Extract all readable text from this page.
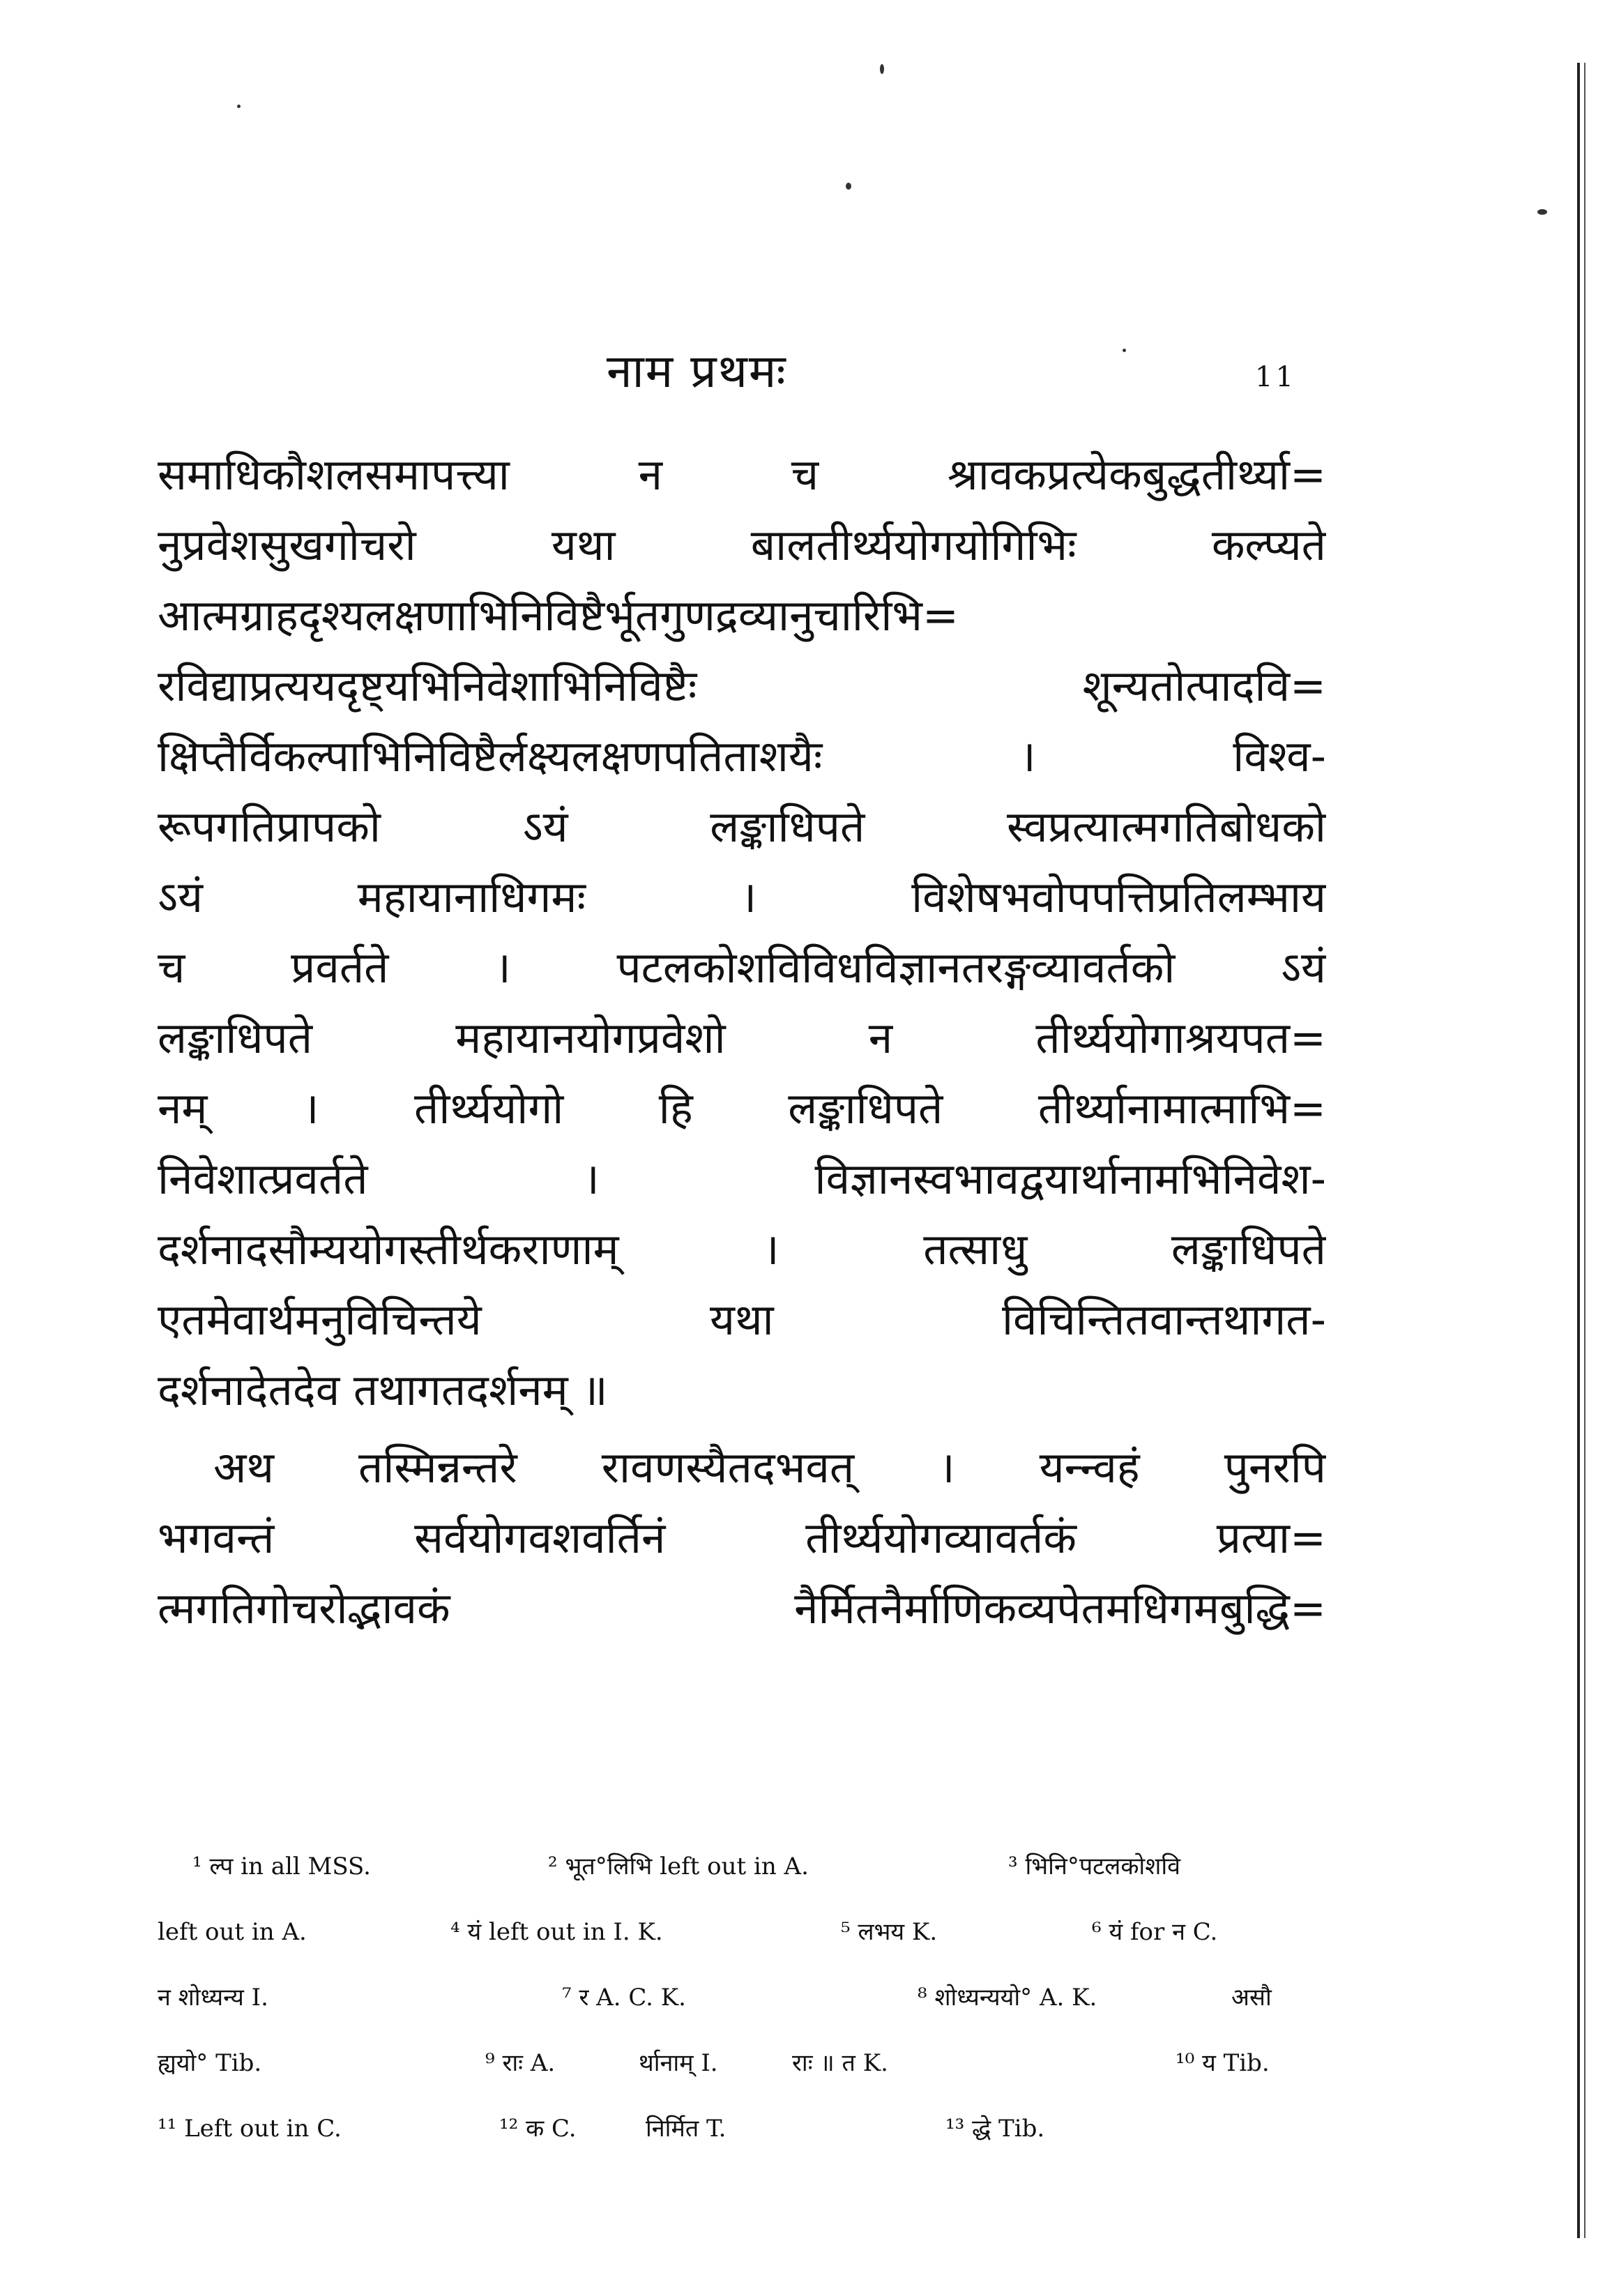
नाम प्रथमः	11
समाधिकौशलसमापत्त्या न च श्रावकप्रत्येकबुद्धतीर्थ्या=
नुप्रवेशसुखगोचरो यथा बालतीर्थ्ययोगयोगिभिः कल्प्यते
आत्मग्राहदृश्यलक्षणाभिनिविष्टैर्भूतगुणद्रव्यानुचारिभि=
रविद्याप्रत्ययदृष्ट्यभिनिवेशाभिनिविष्टैः शून्यतोत्पादवि=
क्षिप्तैर्विकल्पाभिनिविष्टैर्लक्ष्यलक्षणपतिताशयैः । विश्व-
रूपगतिप्रापको ऽयं लङ्काधिपते स्वप्रत्यात्मगतिबोधको
ऽयं महायानाधिगमः । विशेषभवोपपत्तिप्रतिलम्भाय
च प्रवर्तते । पटलकोशविविधविज्ञानतरङ्गव्यावर्तको ऽयं
लङ्काधिपते महायानयोगप्रवेशो न तीर्थ्ययोगाश्रयपत=
नम् । तीर्थ्ययोगो हि लङ्काधिपते तीर्थ्यानामात्माभि=
निवेशात्प्रवर्तते । विज्ञानस्वभावद्वयार्थानामभिनिवेश-
दर्शनादसौम्ययोगस्तीर्थकराणाम् । तत्साधु लङ्काधिपते
एतमेवार्थमनुविचिन्तये यथा विचिन्तितवान्तथागत-
दर्शनादेतदेव तथागतदर्शनम् ॥
अथ तस्मिन्नन्तरे रावणस्यैतदभवत् । यन्न्वहं पुनरपि
भगवन्तं सर्वयोगवशवर्तिनं तीर्थ्ययोगव्यावर्तकं प्रत्या=
त्मगतिगोचरोद्भावकं नैर्मितनैर्माणिकव्यपेतमधिगमबुद्धि=
¹ ल्प in all MSS.	² भूत°लिभि left out in A.	³ भिनि°पटलकोशवि
left out in A.	⁴ यं left out in I. K.	⁵ लभय K.	⁶ यं for न C.
न शोध्यन्य I.	⁷ र A. C. K.	⁸ शोध्यन्ययो° A. K.	असौ
ह्ययो° Tib.	⁹ राः A.	र्थानाम् I.	राः ॥ त K.	¹⁰ य Tib.
¹¹ Left out in C.	¹² क C.	निर्मित T.	¹³ द्धे Tib.
